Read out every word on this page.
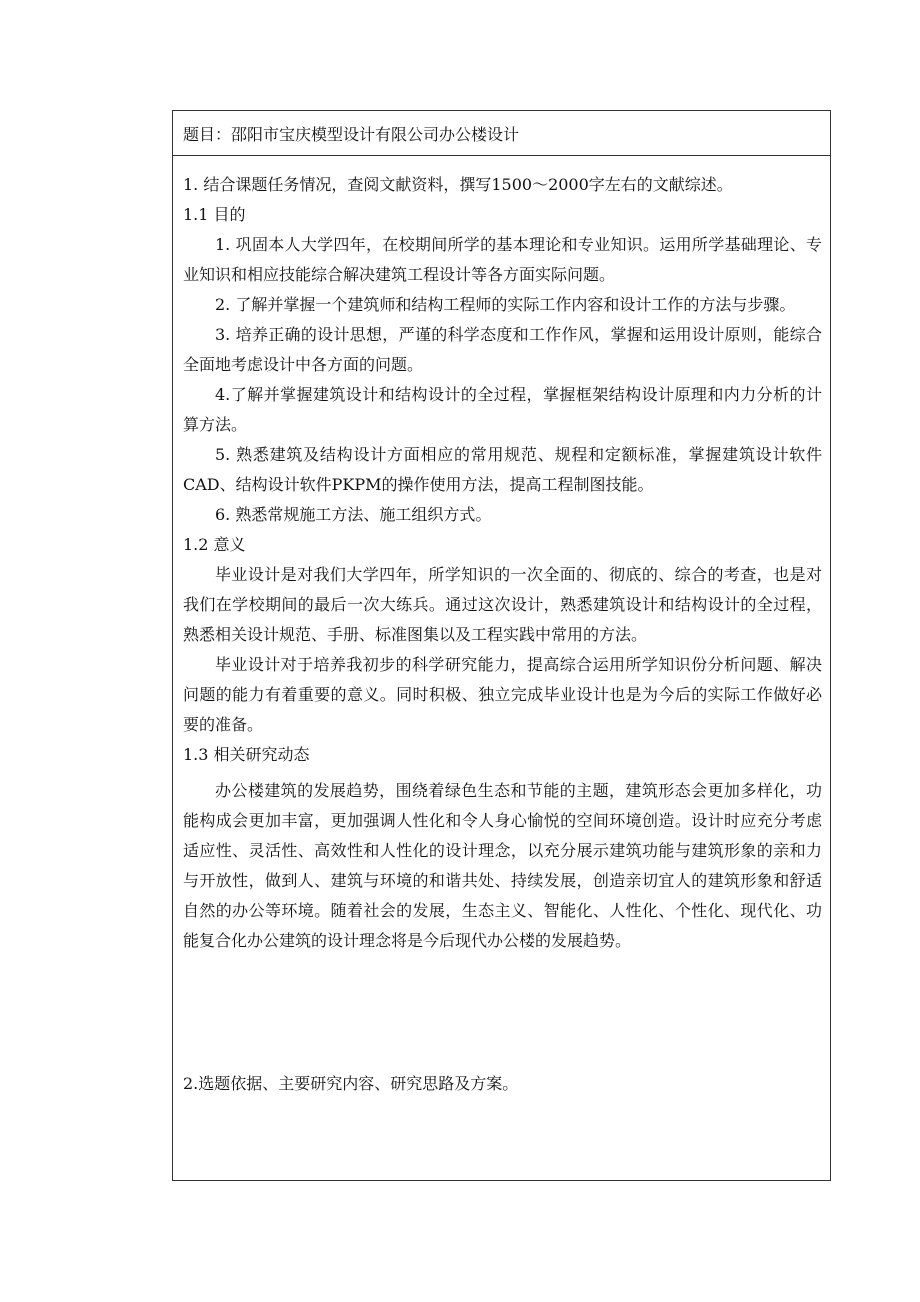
题目：邵阳市宝庆模型设计有限公司办公楼设计

1. 结合课题任务情况，查阅文献资料，撰写1500～2000字左右的文献综述。

1.1 目的

1. 巩固本人大学四年，在校期间所学的基本理论和专业知识。运用所学基础理论、专业知识和相应技能综合解决建筑工程设计等各方面实际问题。

2. 了解并掌握一个建筑师和结构工程师的实际工作内容和设计工作的方法与步骤。

3. 培养正确的设计思想，严谨的科学态度和工作作风，掌握和运用设计原则，能综合全面地考虑设计中各方面的问题。

4.了解并掌握建筑设计和结构设计的全过程，掌握框架结构设计原理和内力分析的计算方法。

5. 熟悉建筑及结构设计方面相应的常用规范、规程和定额标准，掌握建筑设计软件CAD、结构设计软件PKPM的操作使用方法，提高工程制图技能。

6. 熟悉常规施工方法、施工组织方式。

1.2 意义

毕业设计是对我们大学四年，所学知识的一次全面的、彻底的、综合的考查，也是对我们在学校期间的最后一次大练兵。通过这次设计，熟悉建筑设计和结构设计的全过程，熟悉相关设计规范、手册、标准图集以及工程实践中常用的方法。

毕业设计对于培养我初步的科学研究能力，提高综合运用所学知识份分析问题、解决问题的能力有着重要的意义。同时积极、独立完成毕业设计也是为今后的实际工作做好必要的准备。

1.3 相关研究动态

办公楼建筑的发展趋势，围绕着绿色生态和节能的主题，建筑形态会更加多样化，功能构成会更加丰富，更加强调人性化和令人身心愉悦的空间环境创造。设计时应充分考虑适应性、灵活性、高效性和人性化的设计理念，以充分展示建筑功能与建筑形象的亲和力与开放性，做到人、建筑与环境的和谐共处、持续发展，创造亲切宜人的建筑形象和舒适自然的办公等环境。随着社会的发展，生态主义、智能化、人性化、个性化、现代化、功能复合化办公建筑的设计理念将是今后现代办公楼的发展趋势。

2.选题依据、主要研究内容、研究思路及方案。
